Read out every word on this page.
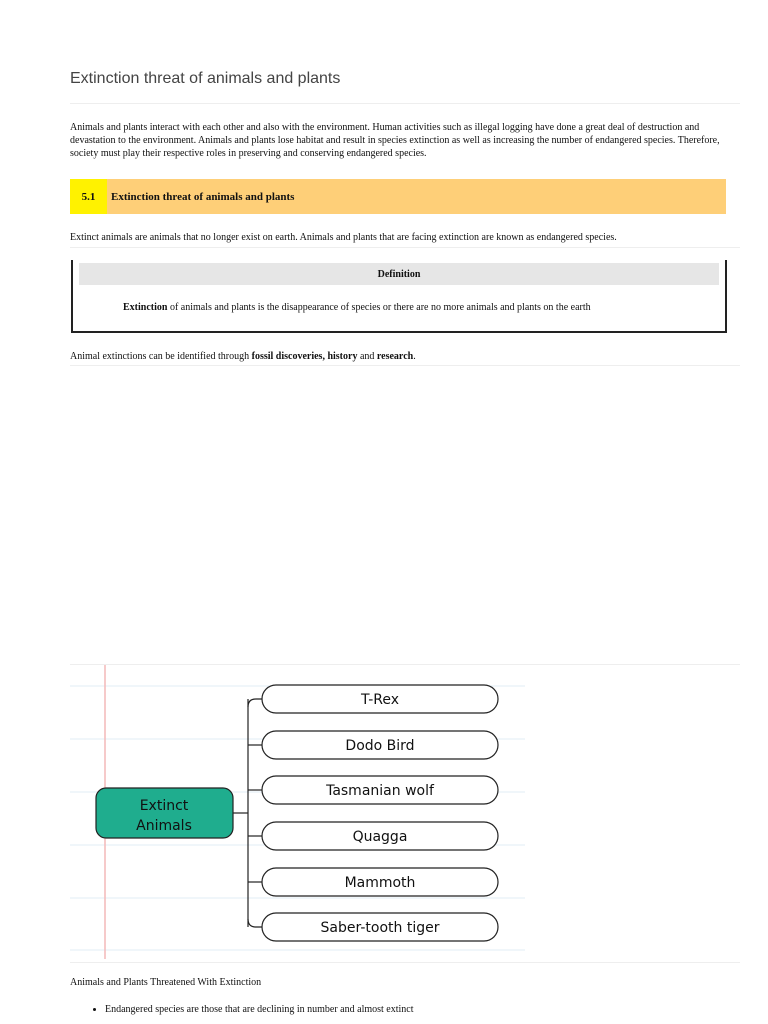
Extinction threat of animals and plants

Animals and plants interact with each other and also with the environment. Human activities such as illegal logging have done a great deal of destruction and devastation to the environment. Animals and plants lose habitat and result in species extinction as well as increasing the number of endangered species. Therefore, society must play their respective roles in preserving and conserving endangered species.

5.1	Extinction threat of animals and plants

Extinct animals are animals that no longer exist on earth. Animals and plants that are facing extinction are known as endangered species.

Definition
Extinction of animals and plants is the disappearance of species or there are no more animals and plants on the earth

Animal extinctions can be identified through fossil discoveries, history and research.

Extinct
Animals
T-Rex
Dodo Bird
Tasmanian wolf
Quagga
Mammoth
Saber-tooth tiger

Animals and Plants Threatened With Extinction

• Endangered species are those that are declining in number and almost extinct
